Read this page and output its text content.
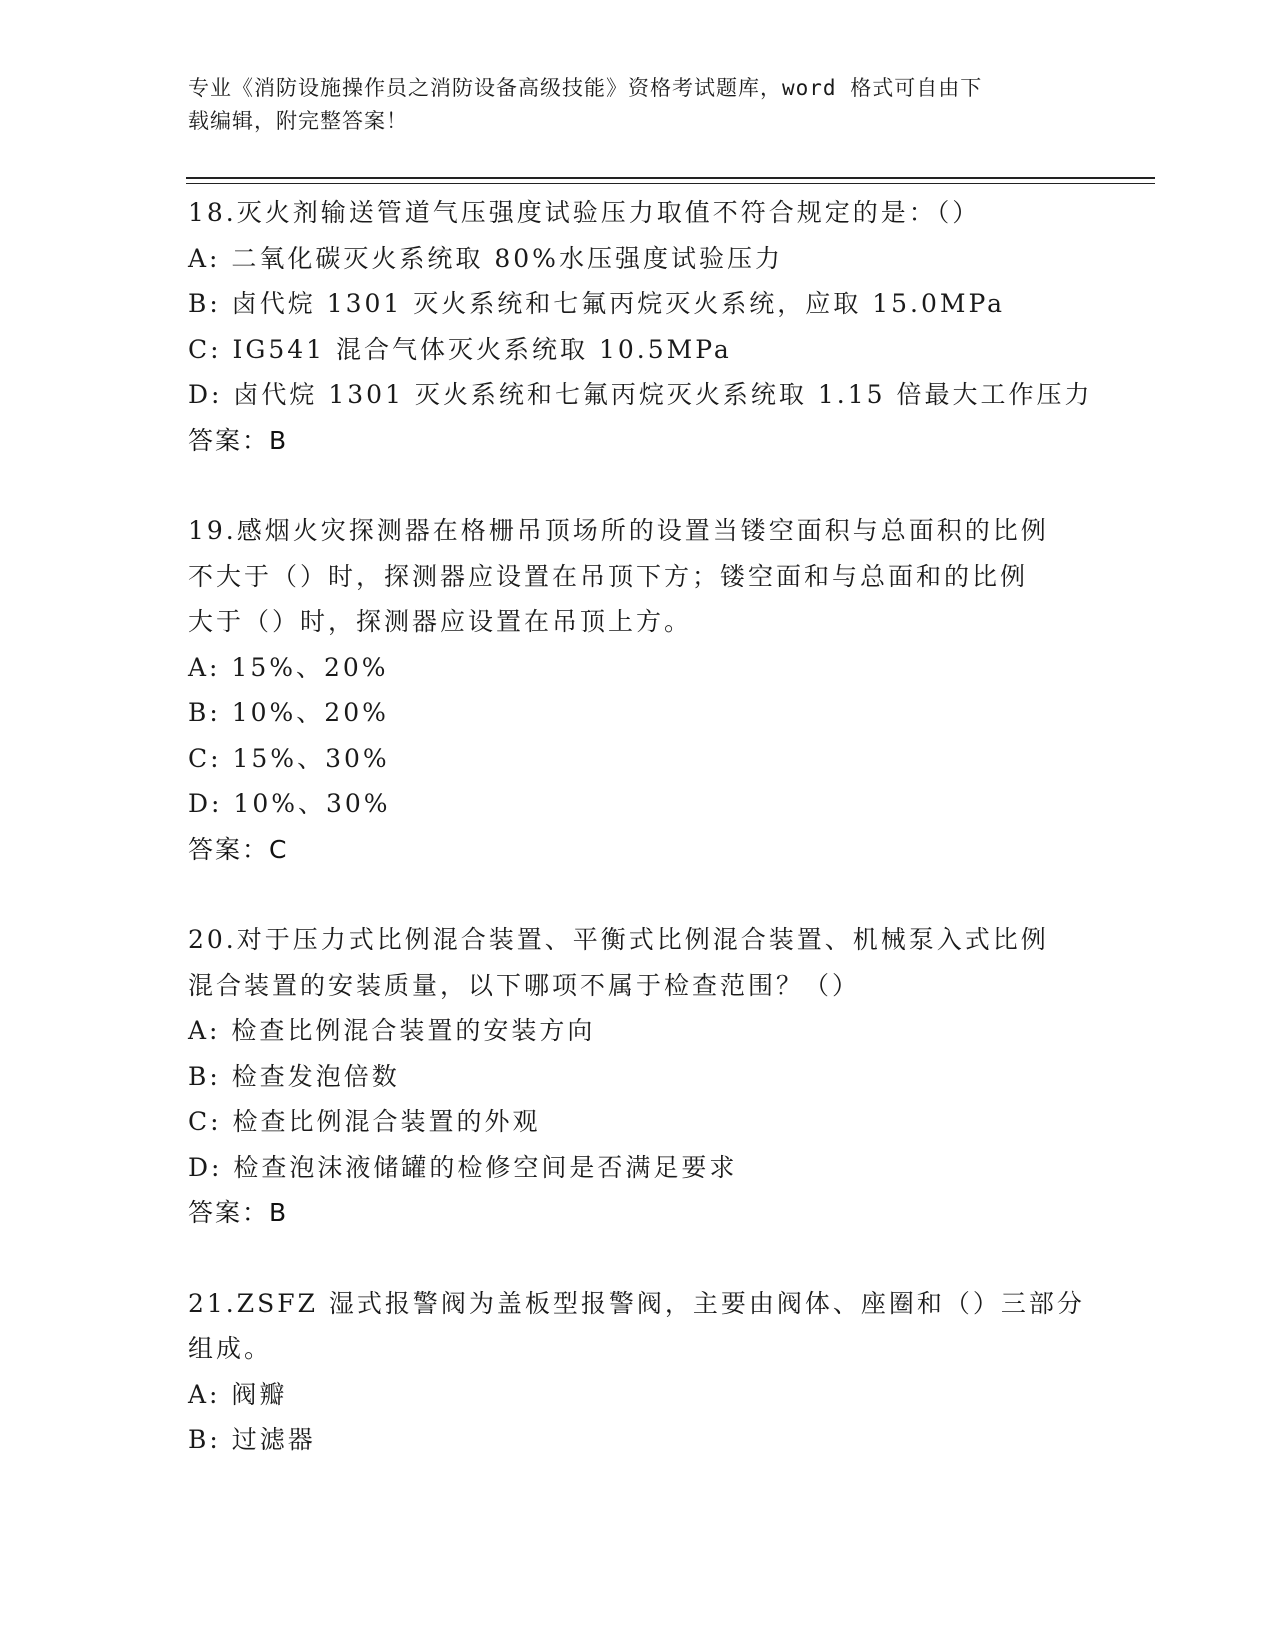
专业《消防设施操作员之消防设备高级技能》资格考试题库，word 格式可自由下
载编辑，附完整答案！

18.灭火剂输送管道气压强度试验压力取值不符合规定的是：（）

A: 二氧化碳灭火系统取 80%水压强度试验压力

B: 卤代烷 1301 灭火系统和七氟丙烷灭火系统，应取 15.0MPa

C: IG541 混合气体灭火系统取 10.5MPa

D: 卤代烷 1301 灭火系统和七氟丙烷灭火系统取 1.15 倍最大工作压力

答案：B

19.感烟火灾探测器在格栅吊顶场所的设置当镂空面积与总面积的比例

不大于（）时，探测器应设置在吊顶下方；镂空面和与总面和的比例

大于（）时，探测器应设置在吊顶上方。

A: 15%、20%

B: 10%、20%

C: 15%、30%

D: 10%、30%

答案：C

20.对于压力式比例混合装置、平衡式比例混合装置、机械泵入式比例

混合装置的安装质量，以下哪项不属于检查范围？（）

A: 检查比例混合装置的安装方向

B: 检查发泡倍数

C: 检查比例混合装置的外观

D: 检查泡沫液储罐的检修空间是否满足要求

答案：B

21.ZSFZ 湿式报警阀为盖板型报警阀，主要由阀体、座圈和（）三部分

组成。

A: 阀瓣

B: 过滤器
